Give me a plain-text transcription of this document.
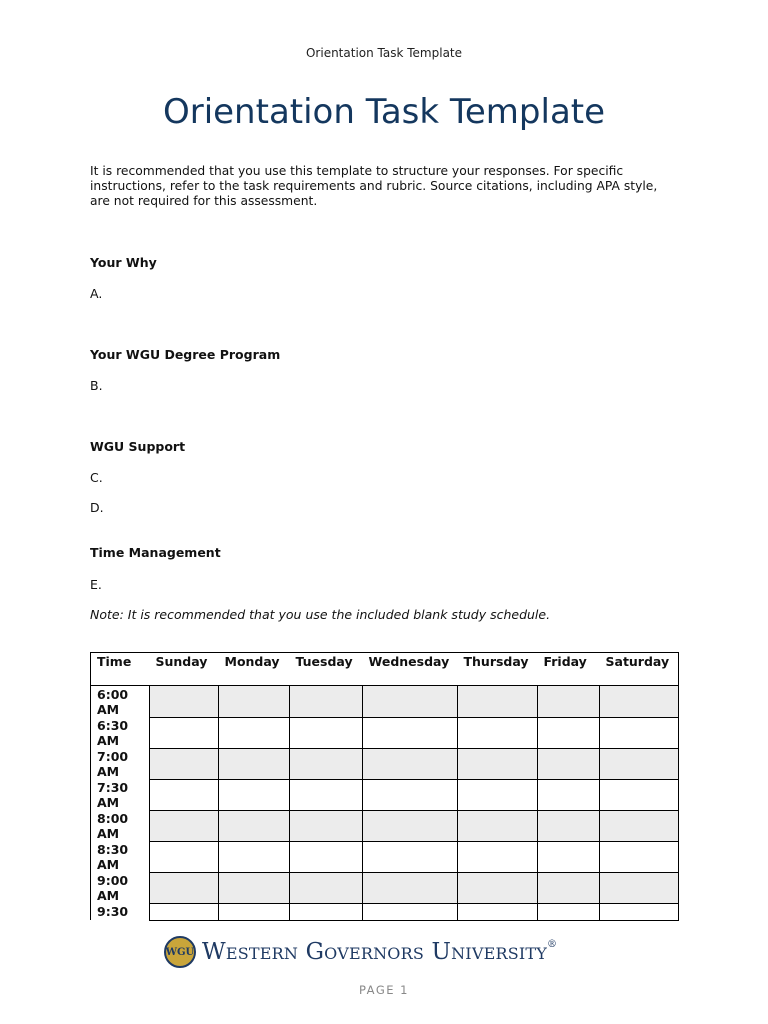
Orientation Task Template
Orientation Task Template

It is recommended that you use this template to structure your responses. For specific instructions, refer to the task requirements and rubric. Source citations, including APA style, are not required for this assessment.

Your Why

A.

Your WGU Degree Program

B.

WGU Support

C.

D.

Time Management

E.

Note: It is recommended that you use the included blank study schedule.

Time	Sunday	Monday	Tuesday	Wednesday	Thursday	Friday	Saturday
6:00 AM							
6:30 AM							
7:00 AM							
7:30 AM							
8:00 AM							
8:30 AM							
9:00 AM							
9:30							
WGU Western Governors University®
PAGE 1
